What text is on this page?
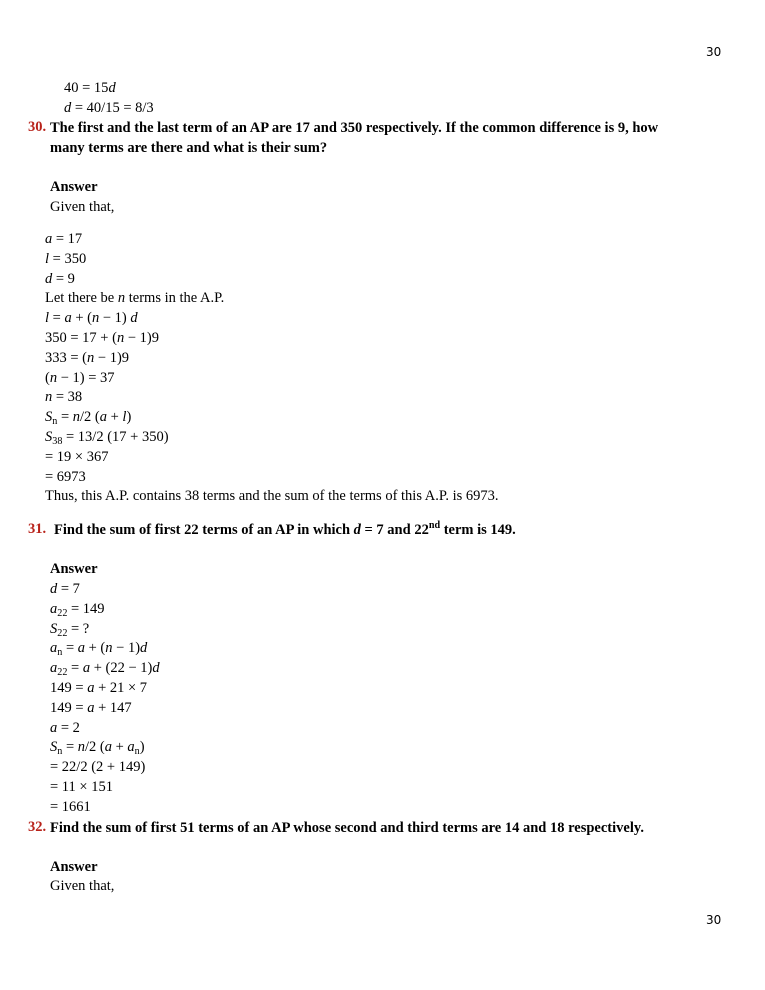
30
40 = 15d
d = 40/15 = 8/3
30. The first and the last term of an AP are 17 and 350 respectively. If the common difference is 9, how
many terms are there and what is their sum?
Answer
Given that,
a = 17
l = 350
d = 9
Let there be n terms in the A.P.
l = a + (n − 1) d
350 = 17 + (n − 1)9
333 = (n − 1)9
(n − 1) = 37
n = 38
$S_n = n/2$ (a + l)
$S_{38} = 13/2$ (17 + 350)
= 19 × 367
= 6973
Thus, this A.P. contains 38 terms and the sum of the terms of this A.P. is 6973.
31. Find the sum of first 22 terms of an AP in which d = 7 and 22nd term is 149.
Answer
d = 7
$a_{22} = 149$
$S_{22}$ = ?
$a_n = a + (n - 1)d$
$a_{22} = a + (22 - 1)d$
149 = a + 21 × 7
149 = a + 147
a = 2
$S_n = n/2$ $(a + a_n)$
= 22/2 (2 + 149)
= 11 × 151
= 1661
32. Find the sum of first 51 terms of an AP whose second and third terms are 14 and 18 respectively.
Answer
Given that,
30
